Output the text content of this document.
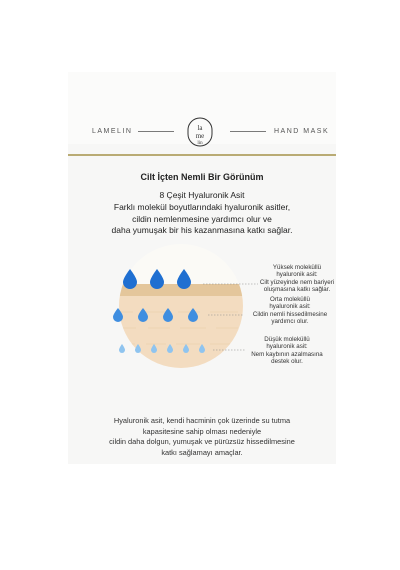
LAMELIN	la
me
lin
HAND MASK
Cilt İçten Nemli Bir Görünüm
8 Çeşit Hyaluronik Asit
Farklı molekül boyutlarındaki hyaluronik asitler,
cildin nemlenmesine yardımcı olur ve
daha yumuşak bir his kazanmasına katkı sağlar.
Yüksek moleküllü
hyaluronik asit:
Cilt yüzeyinde nem bariyeri
oluşmasına katkı sağlar.
Orta moleküllü
hyaluronik asit:
Cildin nemli hissedilmesine
yardımcı olur.
Düşük moleküllü
hyaluronik asit:
Nem kaybının azalmasına
destek olur.
Hyaluronik asit, kendi hacminin çok üzerinde su tutma
kapasitesine sahip olması nedeniyle
cildin daha dolgun, yumuşak ve pürüzsüz hissedilmesine
katkı sağlamayı amaçlar.
